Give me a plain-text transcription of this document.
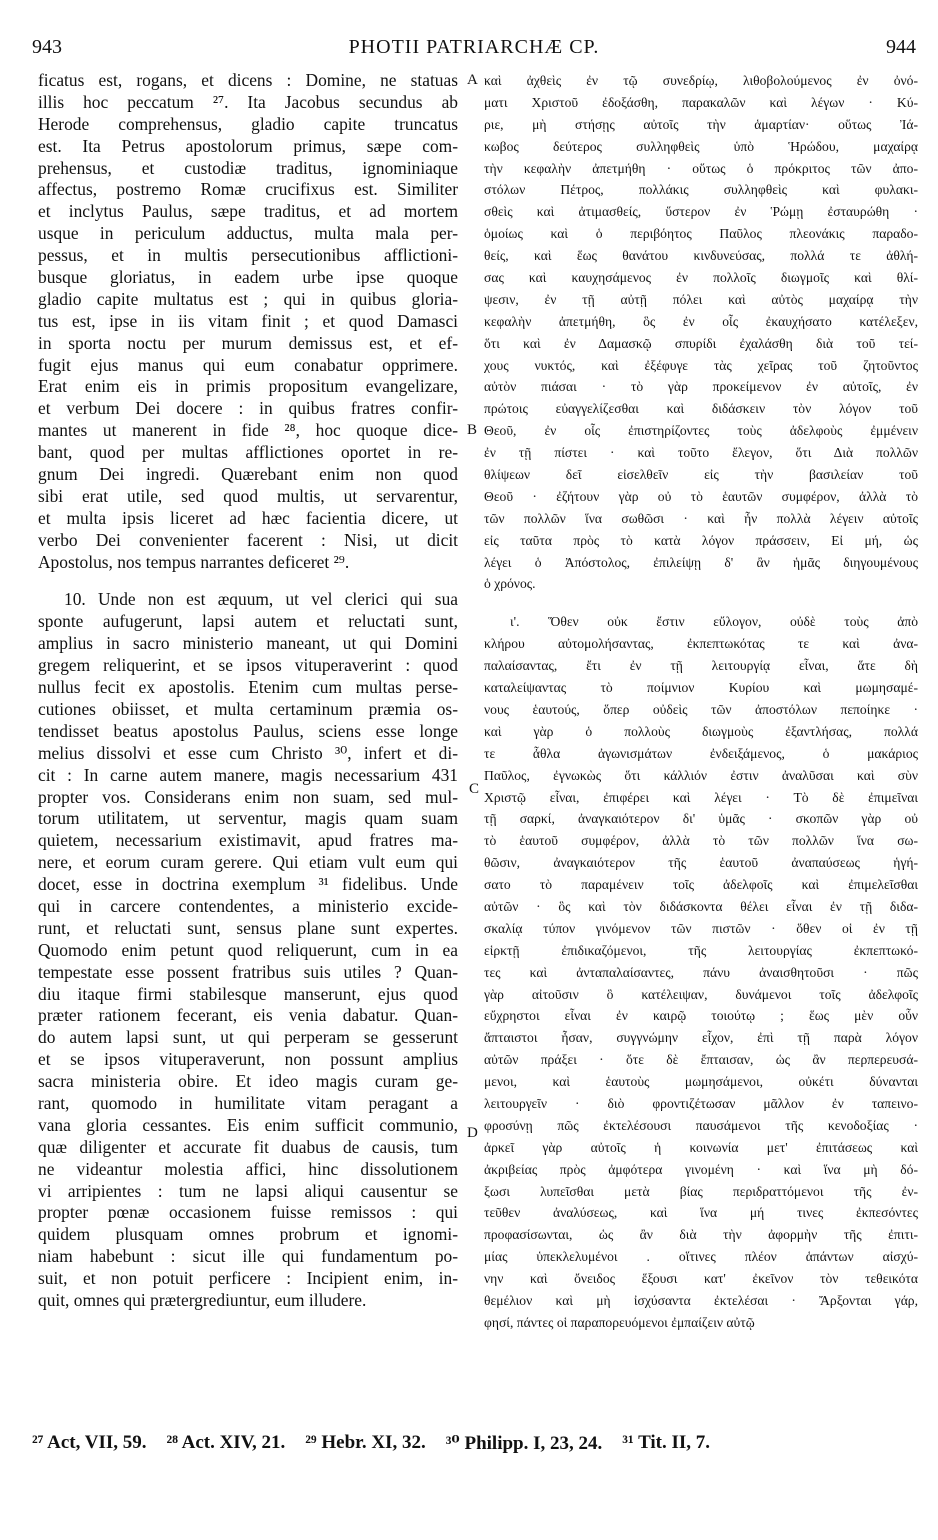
943	PHOTII PATRIARCHÆ CP.	944
ficatus est, rogans, et dicens : Domine, ne statuas
illis hoc peccatum ²⁷. Ita Jacobus secundus ab
Herode comprehensus, gladio capite truncatus
est. Ita Petrus apostolorum primus, sæpe com-
prehensus, et custodiæ traditus, ignominiaque
affectus, postremo Romæ crucifixus est. Similiter
et inclytus Paulus, sæpe traditus, et ad mortem
usque in periculum adductus, multa mala per-
pessus, et in multis persecutionibus afflictioni-
busque gloriatus, in eadem urbe ipse quoque
gladio capite multatus est ; qui in quibus gloria-
tus est, ipse in iis vitam finit ; et quod Damasci
in sporta noctu per murum demissus est, et ef-
fugit ejus manus qui eum conabatur opprimere.
Erat enim eis in primis propositum evangelizare,
et verbum Dei docere : in quibus fratres confir-
mantes ut manerent in fide ²⁸, hoc quoque dice-
bant, quod per multas afflictiones oportet in re-
gnum Dei ingredi. Quærebant enim non quod
sibi erat utile, sed quod multis, ut servarentur,
et multa ipsis liceret ad hæc facientia dicere, ut
verbo Dei convenienter facerent : Nisi, ut dicit
Apostolus, nos tempus narrantes deficeret ²⁹.
10. Unde non est æquum, ut vel clerici qui sua
sponte aufugerunt, lapsi autem et reluctati sunt,
amplius in sacro ministerio maneant, ut qui Domini
gregem reliquerint, et se ipsos vituperaverint : quod
nullus fecit ex apostolis. Etenim cum multas perse-
cutiones obiisset, et multa certaminum præmia os-
tendisset beatus apostolus Paulus, sciens esse longe
melius dissolvi et esse cum Christo ³⁰, infert et di-
cit : In carne autem manere, magis necessarium 431
propter vos. Considerans enim non suam, sed mul-
torum utilitatem, ut serventur, magis quam suam
quietem, necessarium existimavit, apud fratres ma-
nere, et eorum curam gerere. Qui etiam vult eum qui
docet, esse in doctrina exemplum ³¹ fidelibus. Unde
qui in carcere contendentes, a ministerio excide-
runt, et reluctati sunt, sensus plane sunt expertes.
Quomodo enim petunt quod reliquerunt, cum in ea
tempestate esse possent fratribus suis utiles ? Quan-
diu itaque firmi stabilesque manserunt, ejus quod
præter rationem fecerant, eis venia dabatur. Quan-
do autem lapsi sunt, ut qui perperam se gesserunt
et se ipsos vituperaverunt, non possunt amplius
sacra ministeria obire. Et ideo magis curam ge-
rant, quomodo in humilitate vitam peragant a
vana gloria cessantes. Eis enim sufficit communio,
quæ diligenter et accurate fit duabus de causis, tum
ne videantur molestia affici, hinc dissolutionem
vi arripientes : tum ne lapsi aliqui causentur se
propter pœnæ occasionem fuisse remissos : qui
quidem plusquam omnes probrum et ignomi-
niam habebunt : sicut ille qui fundamentum po-
suit, et non potuit perficere : Incipient enim, in-
quit, omnes qui prætergrediuntur, eum illudere.
καὶ ἀχθεὶς ἐν τῷ συνεδρίῳ, λιθοβολούμενος ἐν ὀνό-
ματι Χριστοῦ ἐδοξάσθη, παρακαλῶν καὶ λέγων · Κύ-
ριε, μὴ στήσῃς αὐτοῖς τὴν ἁμαρτίαν· οὕτως Ἰά-
κωβος δεύτερος συλληφθεὶς ὑπὸ Ἡρώδου, μαχαίρᾳ
τὴν κεφαλὴν ἀπετμήθη · οὕτως ὁ πρόκριτος τῶν ἀπο-
στόλων Πέτρος, πολλάκις συλληφθεὶς καὶ φυλακι-
σθεὶς καὶ ἀτιμασθείς, ὕστερον ἐν Ῥώμῃ ἐσταυρώθη ·
ὁμοίως καὶ ὁ περιβόητος Παῦλος πλεονάκις παραδο-
θείς, καὶ ἕως θανάτου κινδυνεύσας, πολλά τε ἀθλή-
σας καὶ καυχησάμενος ἐν πολλοῖς διωγμοῖς καὶ θλί-
ψεσιν, ἐν τῇ αὐτῇ πόλει καὶ αὐτὸς μαχαίρᾳ τὴν
κεφαλὴν ἀπετμήθη, ὃς ἐν οἷς ἐκαυχήσατο κατέλεξεν,
ὅτι καὶ ἐν Δαμασκῷ σπυρίδι ἐχαλάσθη διὰ τοῦ τεί-
χους νυκτός, καὶ ἐξέφυγε τὰς χεῖρας τοῦ ζητοῦντος
αὐτὸν πιάσαι · τὸ γὰρ προκείμενον ἐν αὐτοῖς, ἐν
πρώτοις εὐαγγελίζεσθαι καὶ διδάσκειν τὸν λόγον τοῦ
Θεοῦ, ἐν οἷς ἐπιστηρίζοντες τοὺς ἀδελφοὺς ἐμμένειν
ἐν τῇ πίστει · καὶ τοῦτο ἔλεγον, ὅτι Διὰ πολλῶν
θλίψεων δεῖ εἰσελθεῖν εἰς τὴν βασιλείαν τοῦ
Θεοῦ · ἐζήτουν γὰρ οὐ τὸ ἑαυτῶν συμφέρον, ἀλλὰ τὸ
τῶν πολλῶν ἵνα σωθῶσι · καὶ ἦν πολλὰ λέγειν αὐτοῖς
εἰς ταῦτα πρὸς τὸ κατὰ λόγον πράσσειν, Εἰ μή, ὡς
λέγει ὁ Ἀπόστολος, ἐπιλείψῃ δ' ἂν ἡμᾶς διηγουμένους
ὁ χρόνος.
ι'. Ὅθεν οὐκ ἔστιν εὔλογον, οὐδὲ τοὺς ἀπὸ
κλήρου αὐτομολήσαντας, ἐκπεπτωκότας τε καὶ ἀνα-
παλαίσαντας, ἔτι ἐν τῇ λειτουργίᾳ εἶναι, ἅτε δὴ
καταλείψαντας τὸ ποίμνιον Κυρίου καὶ μωμησαμέ-
νους ἑαυτούς, ὅπερ οὐδεὶς τῶν ἀποστόλων πεποίηκε ·
καὶ γὰρ ὁ πολλοὺς διωγμοὺς ἐξαντλήσας, πολλά
τε ἆθλα ἀγωνισμάτων ἐνδειξάμενος, ὁ μακάριος
Παῦλος, ἐγνωκὼς ὅτι κάλλιόν ἐστιν ἀναλῦσαι καὶ σὺν
Χριστῷ εἶναι, ἐπιφέρει καὶ λέγει · Τὸ δὲ ἐπιμεῖναι
τῇ σαρκί, ἀναγκαιότερον δι' ὑμᾶς · σκοπῶν γὰρ οὐ
τὸ ἑαυτοῦ συμφέρον, ἀλλὰ τὸ τῶν πολλῶν ἵνα σω-
θῶσιν, ἀναγκαιότερον τῆς ἑαυτοῦ ἀναπαύσεως ἡγή-
σατο τὸ παραμένειν τοῖς ἀδελφοῖς καὶ ἐπιμελεῖσθαι
αὐτῶν · ὃς καὶ τὸν διδάσκοντα θέλει εἶναι ἐν τῇ διδα-
σκαλίᾳ τύπον γινόμενον τῶν πιστῶν · ὅθεν οἱ ἐν τῇ
εἱρκτῇ ἐπιδικαζόμενοι, τῆς λειτουργίας ἐκπεπτωκό-
τες καὶ ἀνταπαλαίσαντες, πάνυ ἀναισθητοῦσι · πῶς
γὰρ αἰτοῦσιν ὃ κατέλειψαν, δυνάμενοι τοῖς ἀδελφοῖς
εὔχρηστοι εἶναι ἐν καιρῷ τοιούτῳ ; ἕως μὲν οὖν
ἄπταιστοι ἦσαν, συγγνώμην εἶχον, ἐπὶ τῇ παρὰ λόγον
αὐτῶν πράξει · ὅτε δὲ ἔπταισαν, ὡς ἂν περπερευσά-
μενοι, καὶ ἑαυτοὺς μωμησάμενοι, οὐκέτι δύνανται
λειτουργεῖν · διὸ φροντιζέτωσαν μᾶλλον ἐν ταπεινο-
φροσύνῃ πῶς ἐκτελέσουσι παυσάμενοι τῆς κενοδοξίας ·
ἀρκεῖ γὰρ αὐτοῖς ἡ κοινωνία μετ' ἐπιτάσεως καὶ
ἀκριβείας πρὸς ἀμφότερα γινομένη · καὶ ἵνα μὴ δό-
ξωσι λυπεῖσθαι μετὰ βίας περιδραττόμενοι τῆς ἐν-
τεῦθεν ἀναλύσεως, καὶ ἵνα μή τινες ἐκπεσόντες
προφασίσωνται, ὡς ἂν διὰ τὴν ἀφορμὴν τῆς ἐπιτι-
μίας ὑπεκλελυμένοι . οἵτινες πλέον ἁπάντων αἰσχύ-
νην καὶ ὄνειδος ἕξουσι κατ' ἐκεῖνον τὸν τεθεικότα
θεμέλιον καὶ μὴ ἰσχύσαντα ἐκτελέσαι · Ἄρξονται γάρ,
φησί, πάντες οἱ παραπορευόμενοι ἐμπαίζειν αὐτῷ
A
B
C
D
²⁷ Act, VII, 59. ²⁸ Act. XIV, 21. ²⁹ Hebr. XI, 32. ³⁰ Philipp. I, 23, 24. ³¹ Tit. II, 7.
